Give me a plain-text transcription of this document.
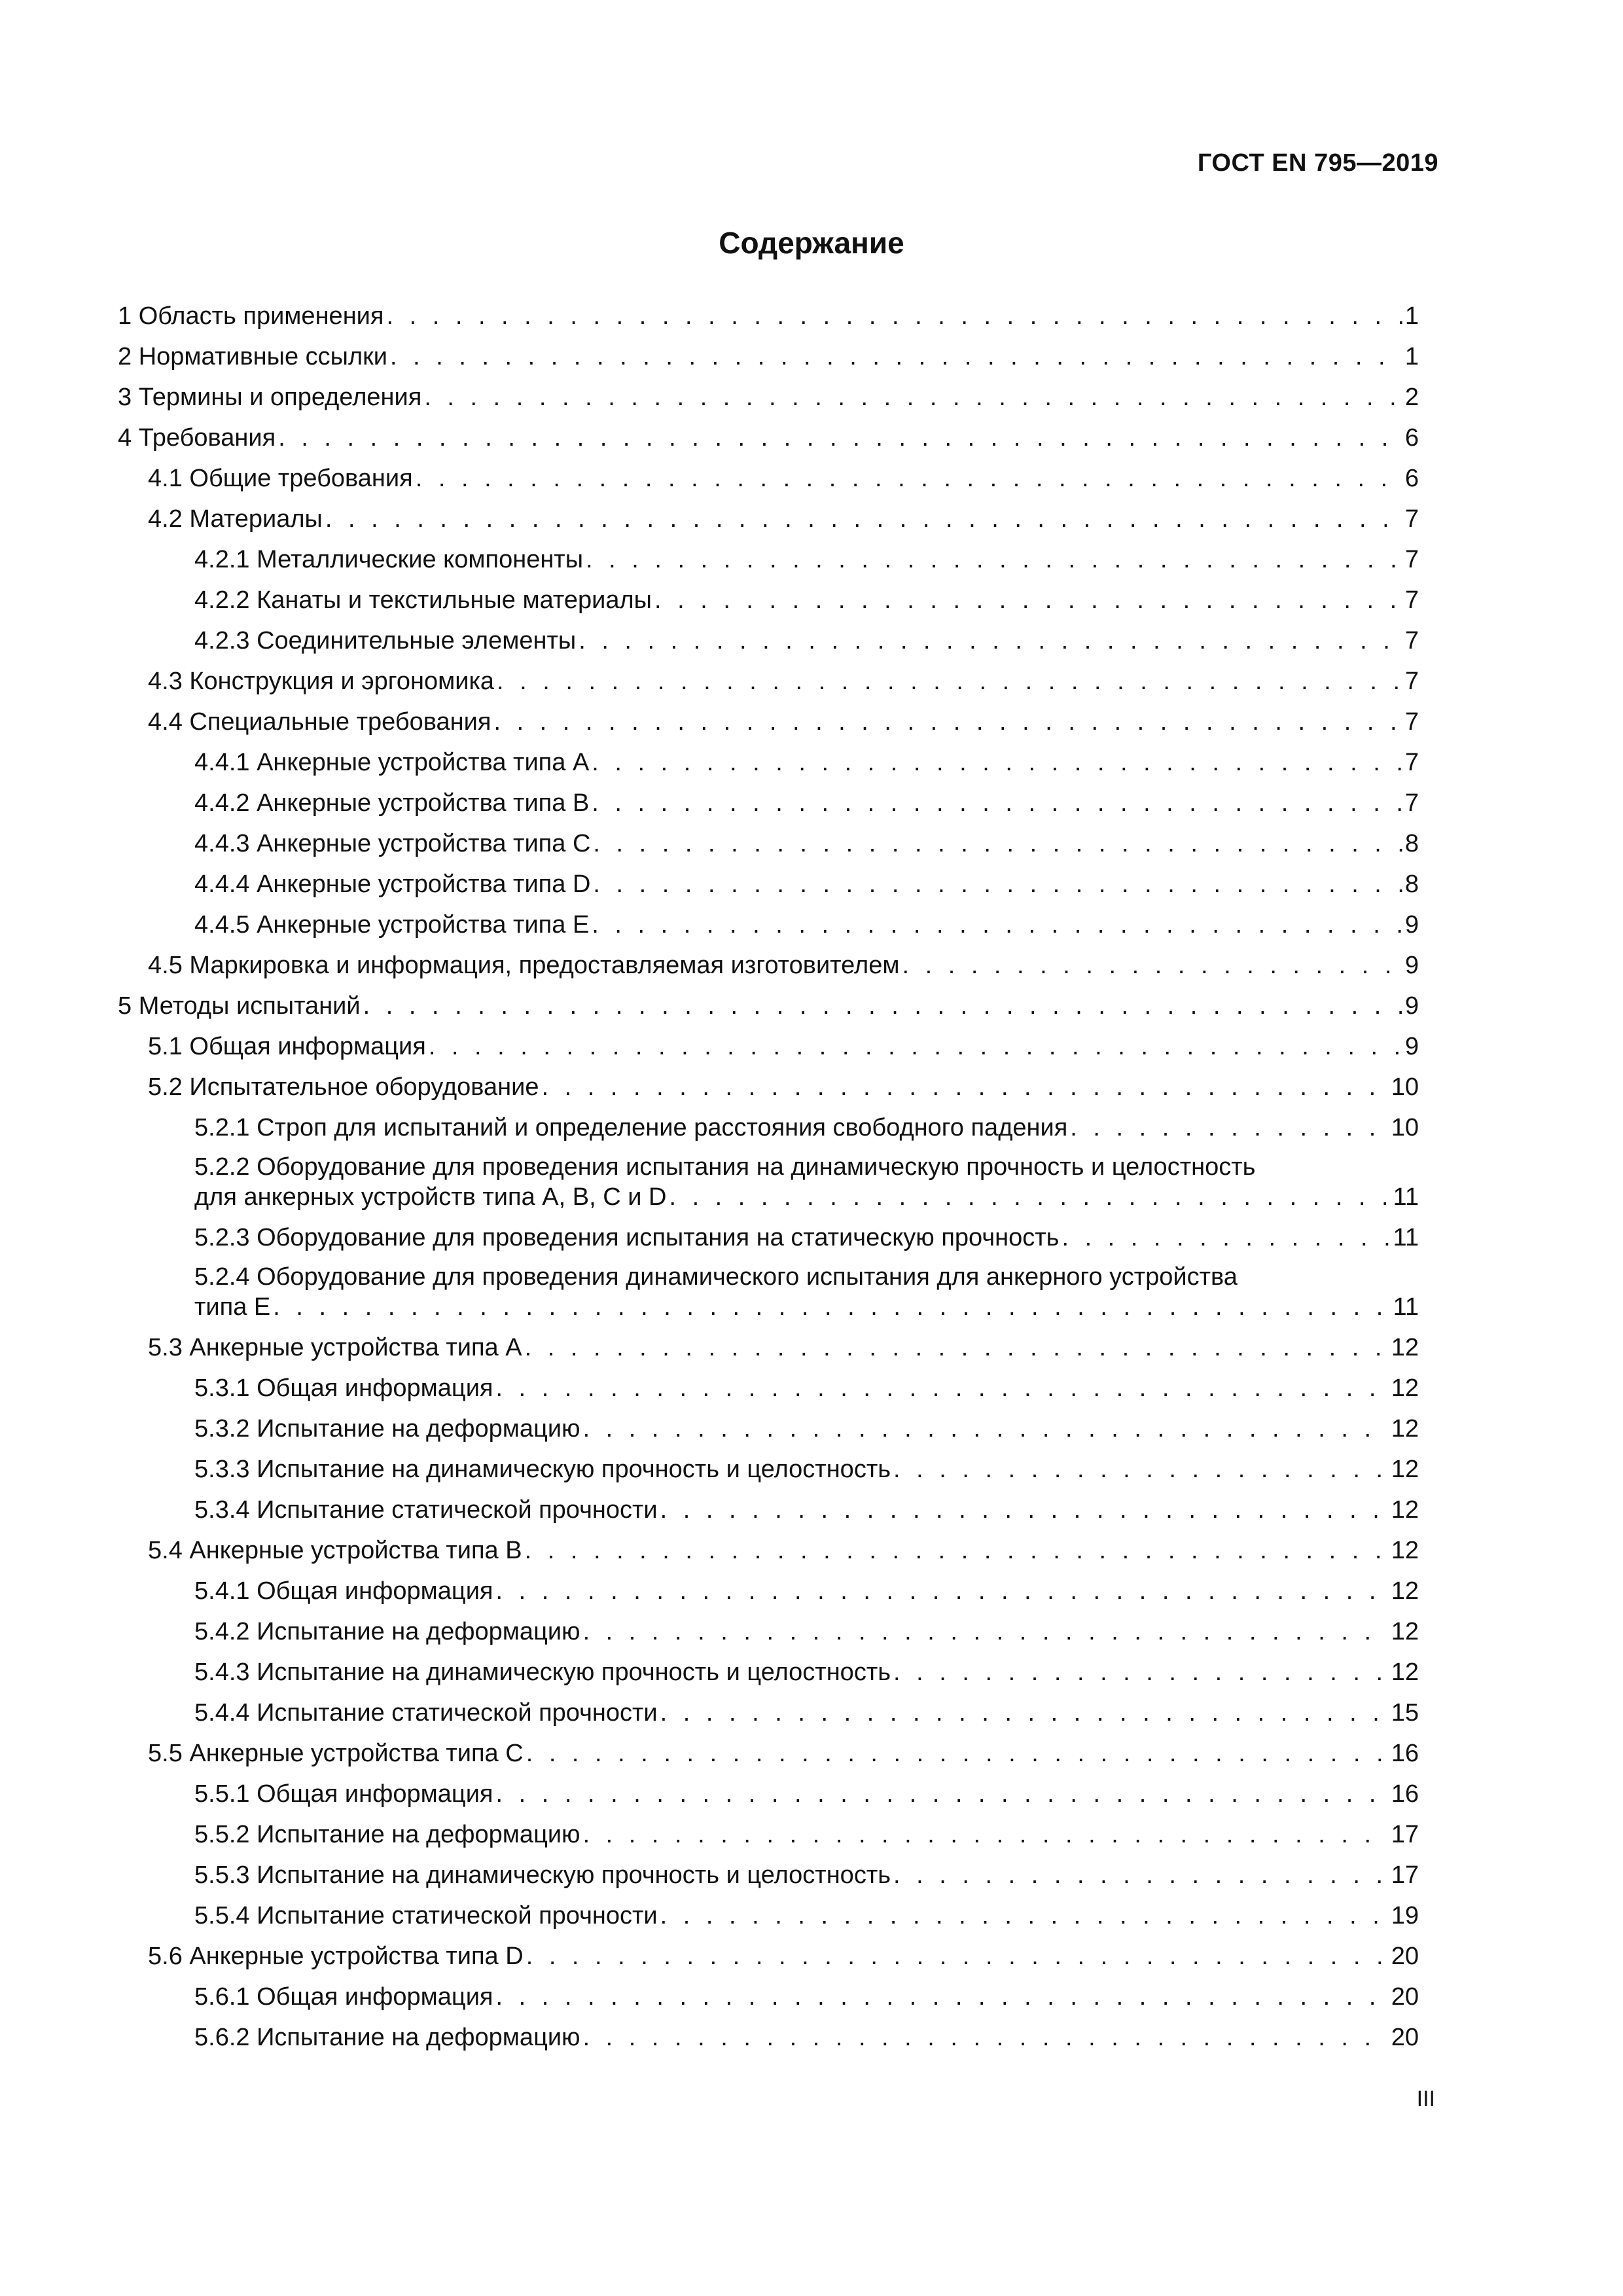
ГОСТ EN 795—2019
Содержание
1 Область применения . . .	1
2 Нормативные ссылки . . .	1
3 Термины и определения . . .	2
4 Требования . . .	6
4.1 Общие требования . . .	6
4.2 Материалы . . .	7
4.2.1 Металлические компоненты . . .	7
4.2.2 Канаты и текстильные материалы . . .	7
4.2.3 Соединительные элементы . . .	7
4.3 Конструкция и эргономика . . .	7
4.4 Специальные требования . . .	7
4.4.1 Анкерные устройства типа А . . .	7
4.4.2 Анкерные устройства типа В . . .	7
4.4.3 Анкерные устройства типа С . . .	8
4.4.4 Анкерные устройства типа D . . .	8
4.4.5 Анкерные устройства типа Е . . .	9
4.5 Маркировка и информация, предоставляемая изготовителем . . .	9
5 Методы испытаний . . .	9
5.1 Общая информация . . .	9
5.2 Испытательное оборудование . . .	10
5.2.1 Строп для испытаний и определение расстояния свободного падения . . .	10
5.2.2 Оборудование для проведения испытания на динамическую прочность и целостность
для анкерных устройств типа А, В, С и D . . .	11
5.2.3 Оборудование для проведения испытания на статическую прочность . . .	11
5.2.4 Оборудование для проведения динамического испытания для анкерного устройства
типа Е . . .	11
5.3 Анкерные устройства типа А . . .	12
5.3.1 Общая информация . . .	12
5.3.2 Испытание на деформацию . . .	12
5.3.3 Испытание на динамическую прочность и целостность . . .	12
5.3.4 Испытание статической прочности . . .	12
5.4 Анкерные устройства типа В . . .	12
5.4.1 Общая информация . . .	12
5.4.2 Испытание на деформацию . . .	12
5.4.3 Испытание на динамическую прочность и целостность . . .	12
5.4.4 Испытание статической прочности . . .	15
5.5 Анкерные устройства типа С . . .	16
5.5.1 Общая информация . . .	16
5.5.2 Испытание на деформацию . . .	17
5.5.3 Испытание на динамическую прочность и целостность . . .	17
5.5.4 Испытание статической прочности . . .	19
5.6 Анкерные устройства типа D . . .	20
5.6.1 Общая информация . . .	20
5.6.2 Испытание на деформацию . . .	20
III
